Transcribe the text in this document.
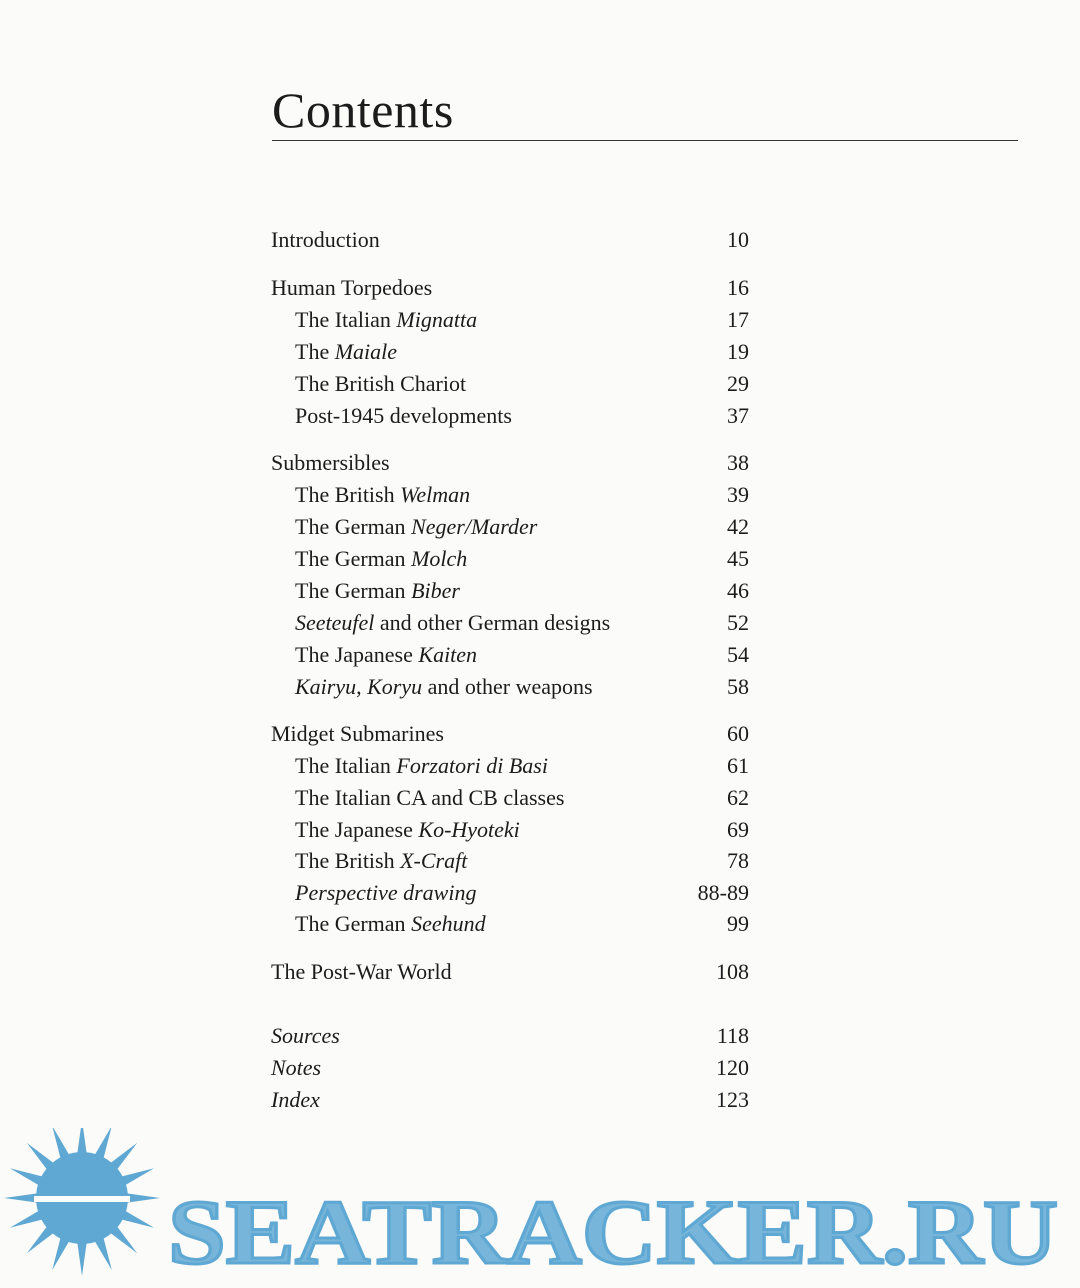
Contents
Introduction	10
Human Torpedoes	16
The Italian Mignatta	17
The Maiale	19
The British Chariot	29
Post-1945 developments	37
Submersibles	38
The British Welman	39
The German Neger/Marder	42
The German Molch	45
The German Biber	46
Seeteufel and other German designs	52
The Japanese Kaiten	54
Kairyu, Koryu and other weapons	58
Midget Submarines	60
The Italian Forzatori di Basi	61
The Italian CA and CB classes	62
The Japanese Ko-Hyoteki	69
The British X-Craft	78
Perspective drawing	88-89
The German Seehund	99
The Post-War World	108
Sources	118
Notes	120
Index	123
SEATRACKER.RU
